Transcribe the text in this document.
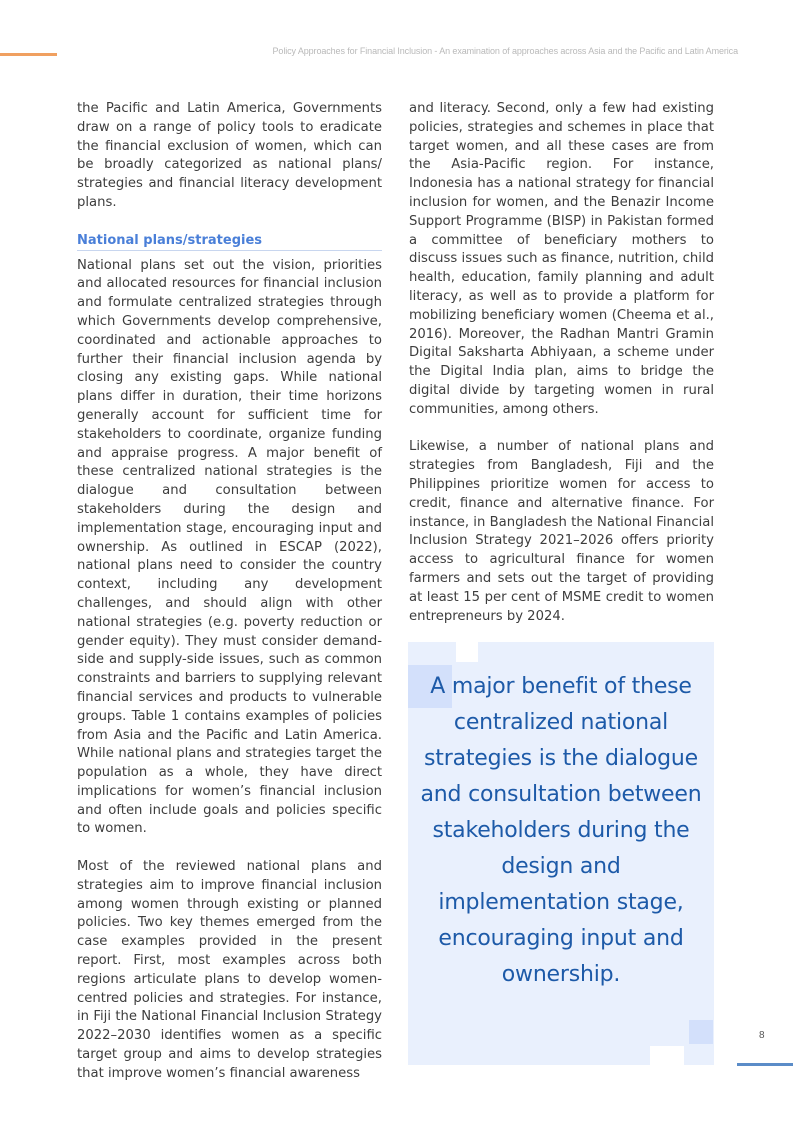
Policy Approaches for Financial Inclusion - An examination of approaches across Asia and the Pacific and Latin America

the Pacific and Latin America, Governments draw on a range of policy tools to eradicate the financial exclusion of women, which can be broadly categorized as national plans/ strategies and financial literacy development plans.

National plans/strategies

National plans set out the vision, priorities and allocated resources for financial inclusion and formulate centralized strategies through which Governments develop comprehensive, coordinated and actionable approaches to further their financial inclusion agenda by closing any existing gaps. While national plans differ in duration, their time horizons generally account for sufficient time for stakeholders to coordinate, organize funding and appraise progress. A major benefit of these centralized national strategies is the dialogue and consultation between stakeholders during the design and implementation stage, encouraging input and ownership. As outlined in ESCAP (2022), national plans need to consider the country context, including any development challenges, and should align with other national strategies (e.g. poverty reduction or gender equity). They must consider demand-side and supply-side issues, such as common constraints and barriers to supplying relevant financial services and products to vulnerable groups. Table 1 contains examples of policies from Asia and the Pacific and Latin America. While national plans and strategies target the population as a whole, they have direct implications for women’s financial inclusion and often include goals and policies specific to women.

Most of the reviewed national plans and strategies aim to improve financial inclusion among women through existing or planned policies. Two key themes emerged from the case examples provided in the present report. First, most examples across both regions articulate plans to develop women-centred policies and strategies. For instance, in Fiji the National Financial Inclusion Strategy 2022–2030 identifies women as a specific target group and aims to develop strategies that improve women’s financial awareness

and literacy. Second, only a few had existing policies, strategies and schemes in place that target women, and all these cases are from the Asia-Pacific region. For instance, Indonesia has a national strategy for financial inclusion for women, and the Benazir Income Support Programme (BISP) in Pakistan formed a committee of beneficiary mothers to discuss issues such as finance, nutrition, child health, education, family planning and adult literacy, as well as to provide a platform for mobilizing beneficiary women (Cheema et al., 2016). Moreover, the Radhan Mantri Gramin Digital Saksharta Abhiyaan, a scheme under the Digital India plan, aims to bridge the digital divide by targeting women in rural communities, among others.

Likewise, a number of national plans and strategies from Bangladesh, Fiji and the Philippines prioritize women for access to credit, finance and alternative finance. For instance, in Bangladesh the National Financial Inclusion Strategy 2021–2026 offers priority access to agricultural finance for women farmers and sets out the target of providing at least 15 per cent of MSME credit to women entrepreneurs by 2024.

A major benefit of these centralized national strategies is the dialogue and consultation between stakeholders during the design and implementation stage, encouraging input and ownership.
8
